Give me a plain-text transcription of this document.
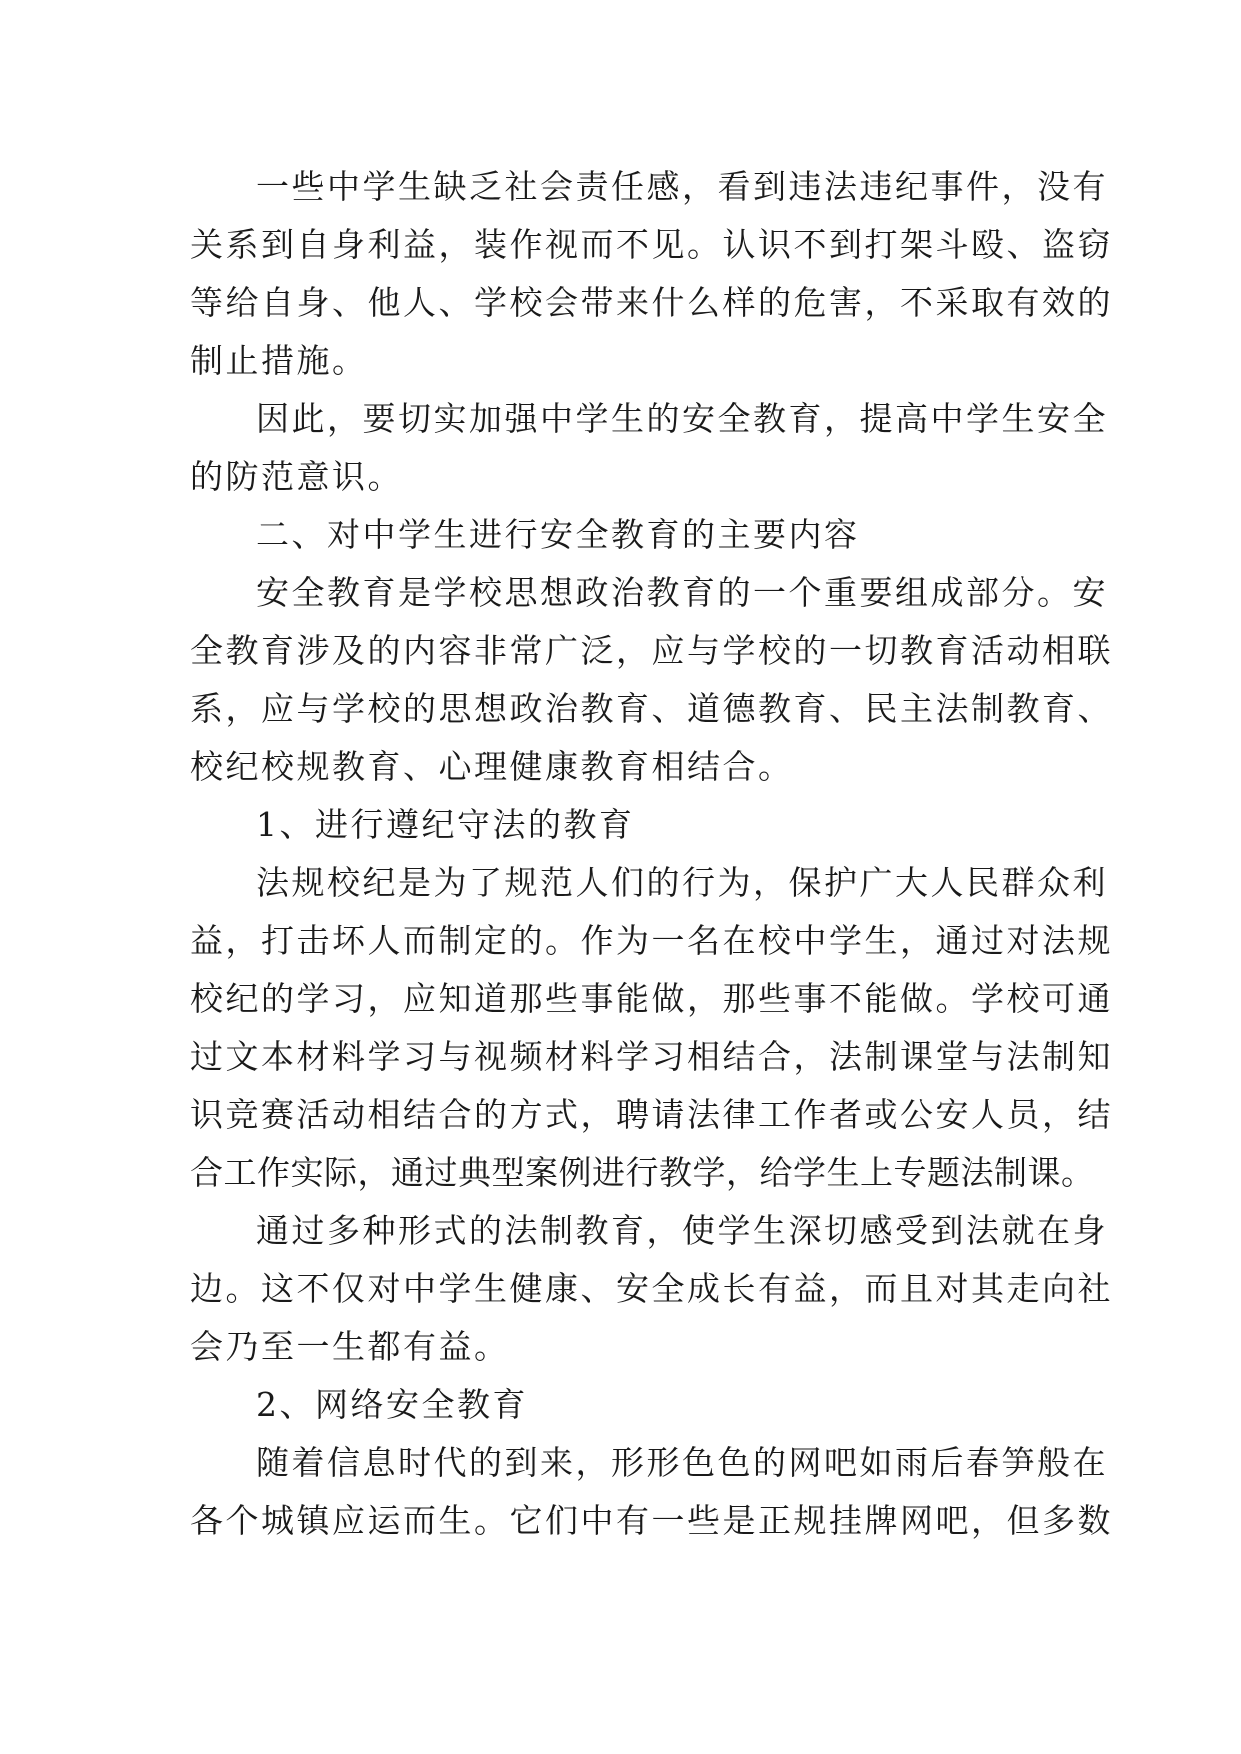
一些中学生缺乏社会责任感，看到违法违纪事件，没有
关系到自身利益，装作视而不见。认识不到打架斗殴、盗窃
等给自身、他人、学校会带来什么样的危害，不采取有效的
制止措施。
因此，要切实加强中学生的安全教育，提高中学生安全
的防范意识。
二、对中学生进行安全教育的主要内容
安全教育是学校思想政治教育的一个重要组成部分。安
全教育涉及的内容非常广泛，应与学校的一切教育活动相联
系，应与学校的思想政治教育、道德教育、民主法制教育、
校纪校规教育、心理健康教育相结合。
1、进行遵纪守法的教育
法规校纪是为了规范人们的行为，保护广大人民群众利
益，打击坏人而制定的。作为一名在校中学生，通过对法规
校纪的学习，应知道那些事能做，那些事不能做。学校可通
过文本材料学习与视频材料学习相结合，法制课堂与法制知
识竞赛活动相结合的方式，聘请法律工作者或公安人员，结
合工作实际，通过典型案例进行教学，给学生上专题法制课。
通过多种形式的法制教育，使学生深切感受到法就在身
边。这不仅对中学生健康、安全成长有益，而且对其走向社
会乃至一生都有益。
2、网络安全教育
随着信息时代的到来，形形色色的网吧如雨后春笋般在
各个城镇应运而生。它们中有一些是正规挂牌网吧，但多数
